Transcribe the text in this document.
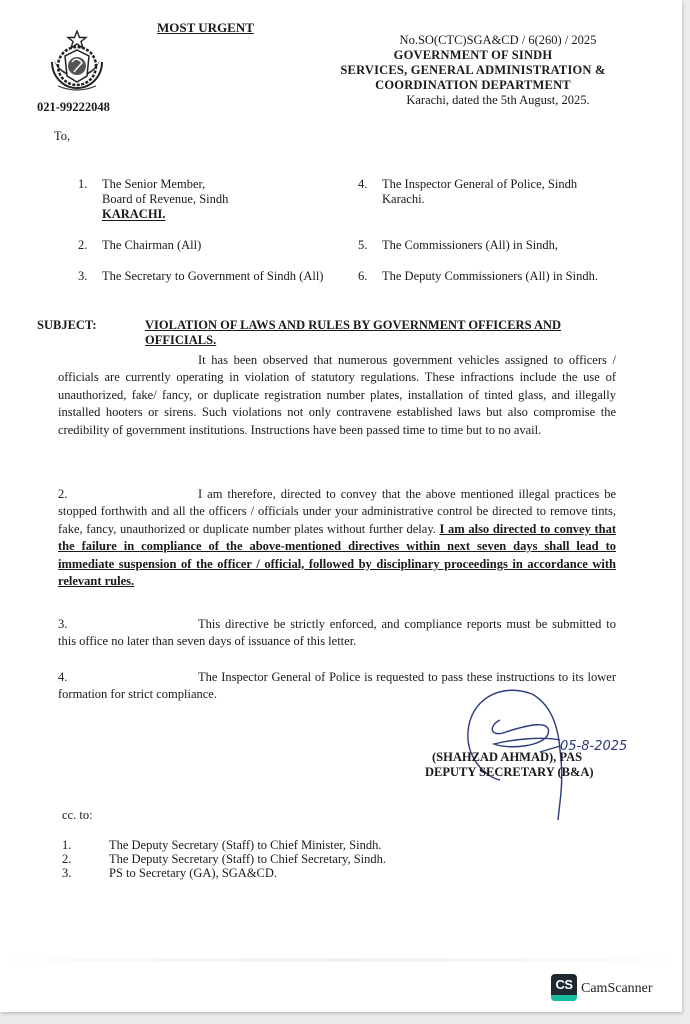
MOST URGENT
021-99222048
To,
No.SO(CTC)SGA&CD / 6(260) / 2025
GOVERNMENT OF SINDH
SERVICES, GENERAL ADMINISTRATION &
COORDINATION DEPARTMENT
Karachi, dated the 5th August, 2025.
1. The Senior Member,
Board of Revenue, Sindh
KARACHI.
2. The Chairman (All)
3. The Secretary to Government of Sindh (All)
4. The Inspector General of Police, Sindh
Karachi.
5. The Commissioners (All) in Sindh,
6. The Deputy Commissioners (All) in Sindh.
SUBJECT:	VIOLATION OF LAWS AND RULES BY GOVERNMENT OFFICERS AND OFFICIALS.
It has been observed that numerous government vehicles assigned to officers / officials are currently operating in violation of statutory regulations. These infractions include the use of unauthorized, fake/ fancy, or duplicate registration number plates, installation of tinted glass, and illegally installed hooters or sirens. Such violations not only contravene established laws but also compromise the credibility of government institutions. Instructions have been passed time to time but to no avail.
2.	I am therefore, directed to convey that the above mentioned illegal practices be stopped forthwith and all the officers / officials under your administrative control be directed to remove tints, fake, fancy, unauthorized or duplicate number plates without further delay. I am also directed to convey that the failure in compliance of the above-mentioned directives within next seven days shall lead to immediate suspension of the officer / official, followed by disciplinary proceedings in accordance with relevant rules.
3.	This directive be strictly enforced, and compliance reports must be submitted to this office no later than seven days of issuance of this letter.
4.	The Inspector General of Police is requested to pass these instructions to its lower formation for strict compliance.
05-8-2025
(SHAHZAD AHMAD), PAS
DEPUTY SECRETARY (B&A)
cc. to:
1.	The Deputy Secretary (Staff) to Chief Minister, Sindh.
2.	The Deputy Secretary (Staff) to Chief Secretary, Sindh.
3.	PS to Secretary (GA), SGA&CD.
CS CamScanner
